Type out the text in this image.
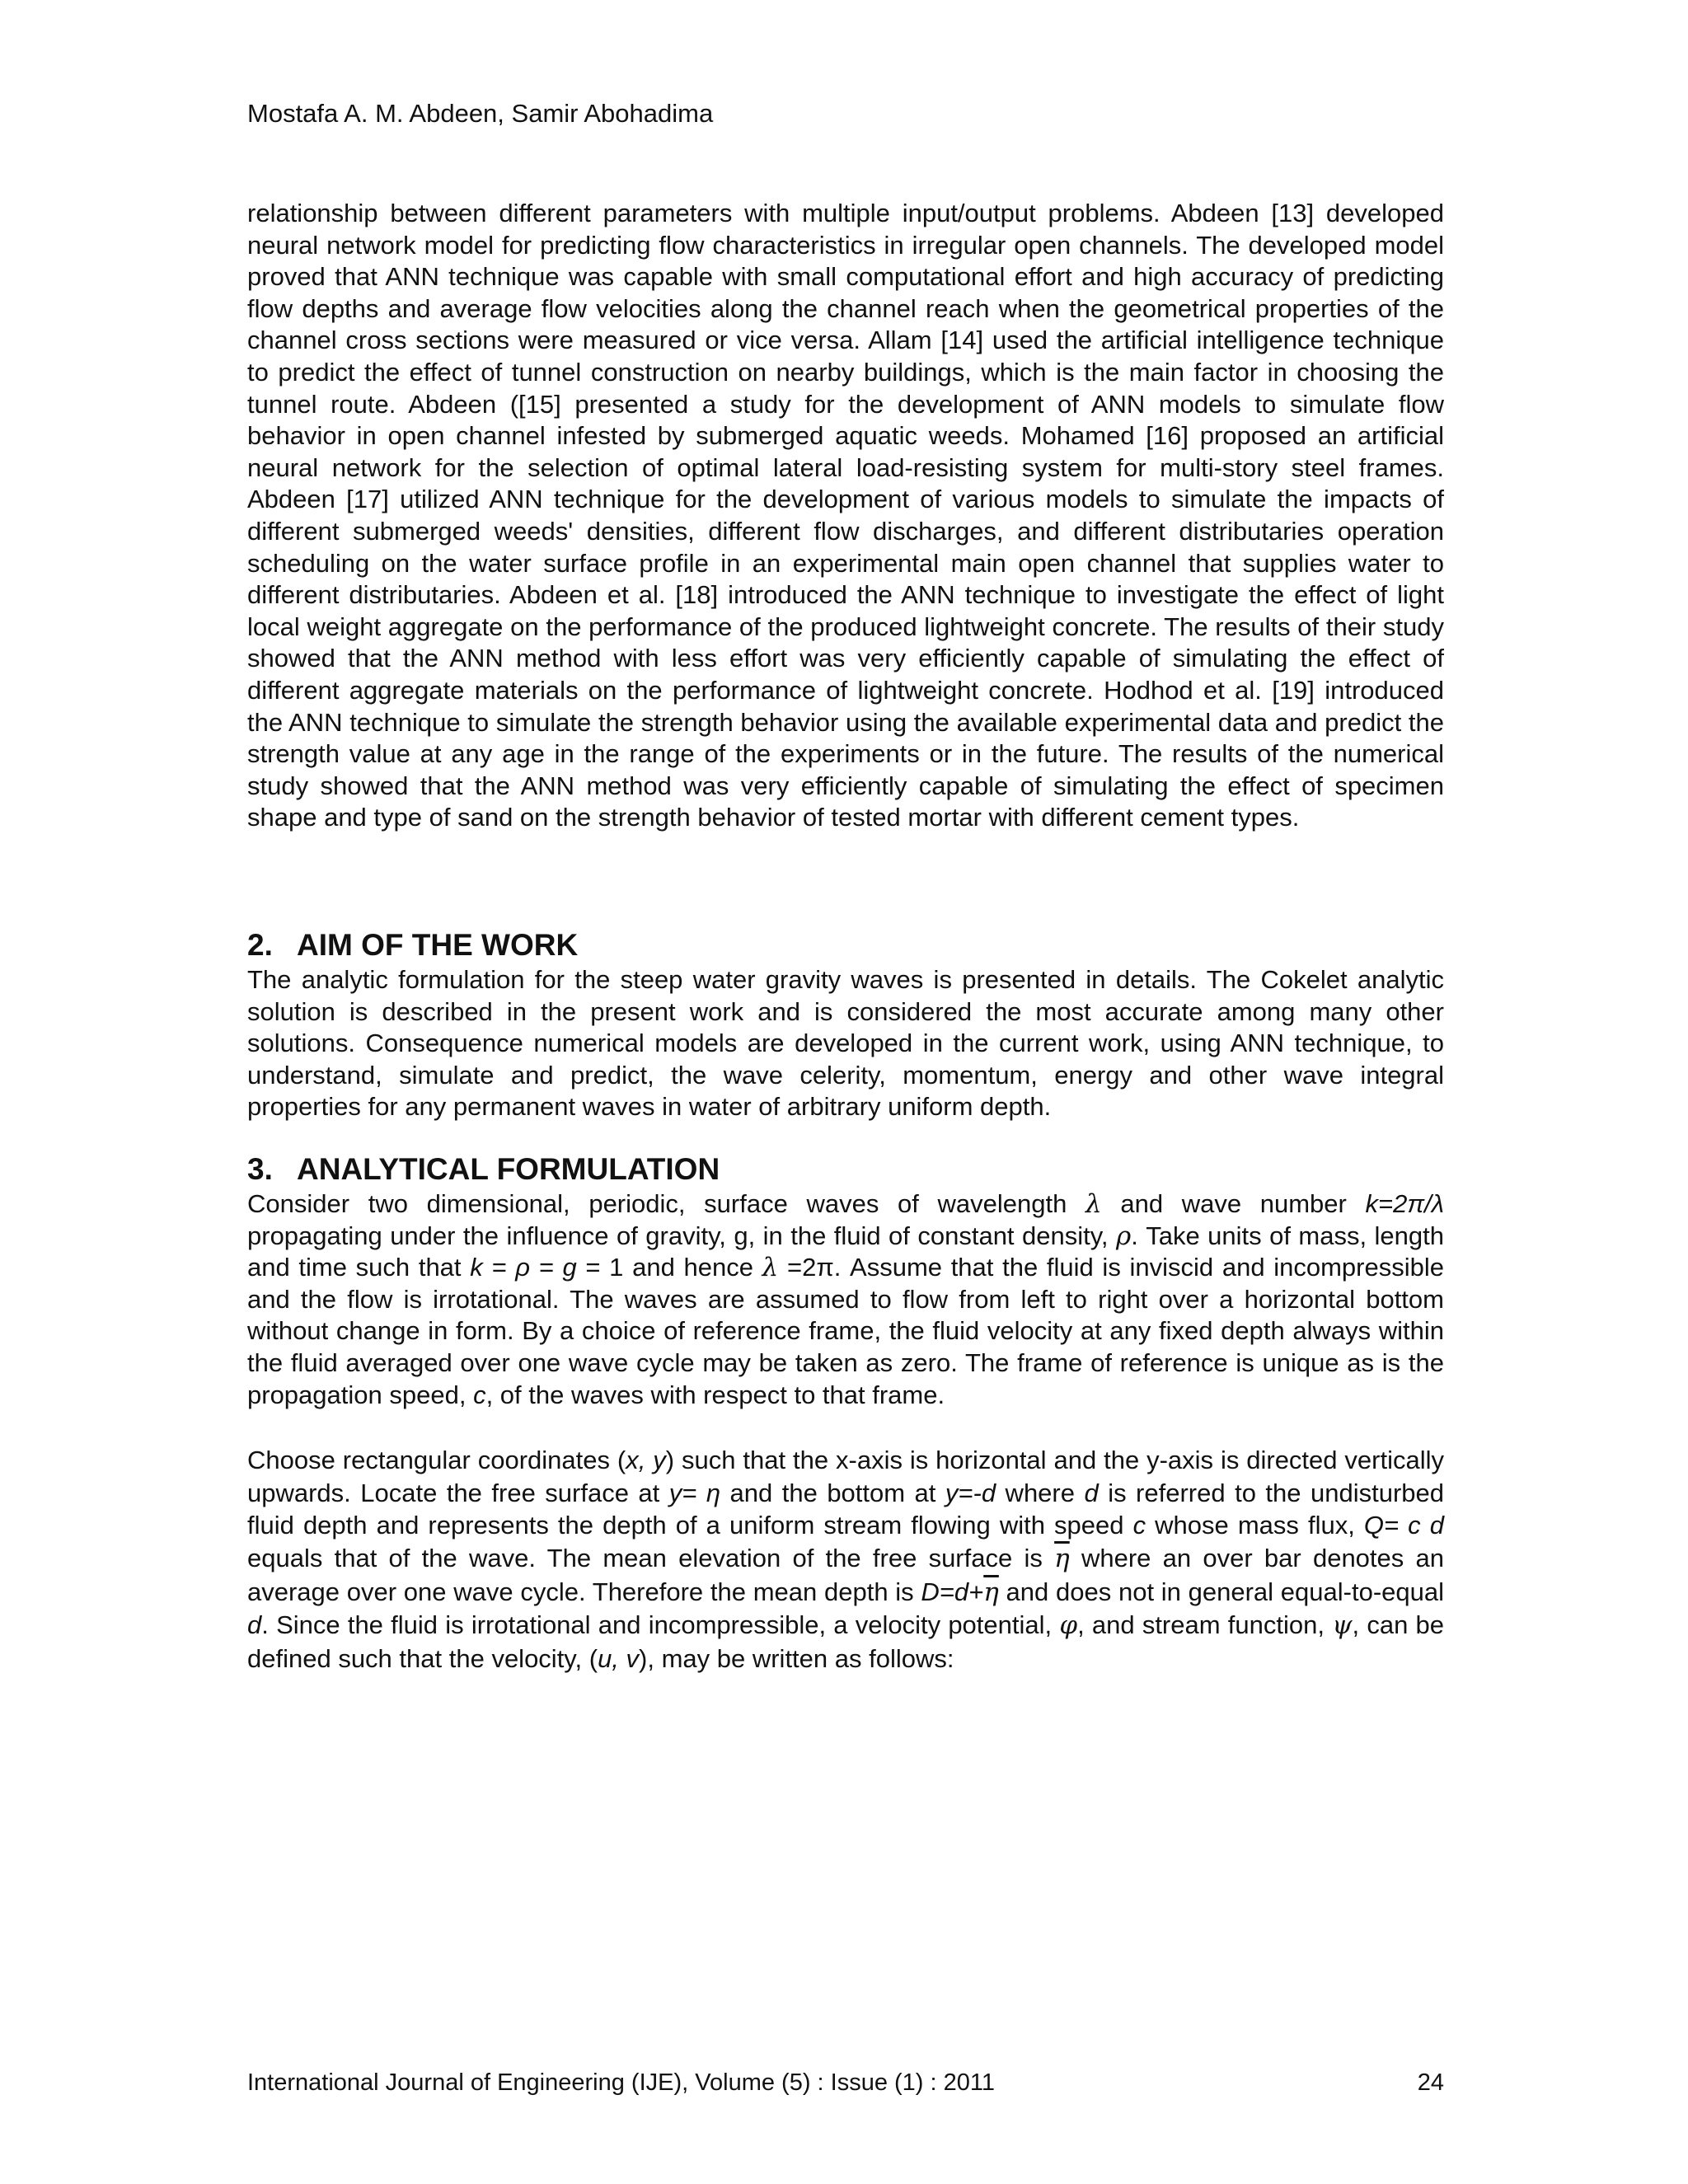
Mostafa A. M. Abdeen, Samir Abohadima

relationship between different parameters with multiple input/output problems. Abdeen [13] developed neural network model for predicting flow characteristics in irregular open channels. The developed model proved that ANN technique was capable with small computational effort and high accuracy of predicting flow depths and average flow velocities along the channel reach when the geometrical properties of the channel cross sections were measured or vice versa. Allam [14] used the artificial intelligence technique to predict the effect of tunnel construction on nearby buildings, which is the main factor in choosing the tunnel route. Abdeen ([15] presented a study for the development of ANN models to simulate flow behavior in open channel infested by submerged aquatic weeds. Mohamed [16] proposed an artificial neural network for the selection of optimal lateral load-resisting system for multi-story steel frames. Abdeen [17] utilized ANN technique for the development of various models to simulate the impacts of different submerged weeds' densities, different flow discharges, and different distributaries operation scheduling on the water surface profile in an experimental main open channel that supplies water to different distributaries. Abdeen et al. [18] introduced the ANN technique to investigate the effect of light local weight aggregate on the performance of the produced lightweight concrete. The results of their study showed that the ANN method with less effort was very efficiently capable of simulating the effect of different aggregate materials on the performance of lightweight concrete. Hodhod et al. [19] introduced the ANN technique to simulate the strength behavior using the available experimental data and predict the strength value at any age in the range of the experiments or in the future. The results of the numerical study showed that the ANN method was very efficiently capable of simulating the effect of specimen shape and type of sand on the strength behavior of tested mortar with different cement types.

2. AIM OF THE WORK

The analytic formulation for the steep water gravity waves is presented in details. The Cokelet analytic solution is described in the present work and is considered the most accurate among many other solutions. Consequence numerical models are developed in the current work, using ANN technique, to understand, simulate and predict, the wave celerity, momentum, energy and other wave integral properties for any permanent waves in water of arbitrary uniform depth.

3. ANALYTICAL FORMULATION

Consider two dimensional, periodic, surface waves of wavelength λ and wave number k=2π/λ propagating under the influence of gravity, g, in the fluid of constant density, ρ. Take units of mass, length and time such that k = ρ = g = 1 and hence λ =2π. Assume that the fluid is inviscid and incompressible and the flow is irrotational. The waves are assumed to flow from left to right over a horizontal bottom without change in form. By a choice of reference frame, the fluid velocity at any fixed depth always within the fluid averaged over one wave cycle may be taken as zero. The frame of reference is unique as is the propagation speed, c, of the waves with respect to that frame.

Choose rectangular coordinates (x, y) such that the x-axis is horizontal and the y-axis is directed vertically upwards. Locate the free surface at y= η and the bottom at y=-d where d is referred to the undisturbed fluid depth and represents the depth of a uniform stream flowing with speed c whose mass flux, Q= c d equals that of the wave. The mean elevation of the free surface is $\overline{\eta}$ where an over bar denotes an average over one wave cycle. Therefore the mean depth is $D=d+\overline{\eta}$ and does not in general equal-to-equal d. Since the fluid is irrotational and incompressible, a velocity potential, φ, and stream function, ψ, can be defined such that the velocity, (u, v), may be written as follows:

International Journal of Engineering (IJE), Volume (5) : Issue (1) : 2011	24
